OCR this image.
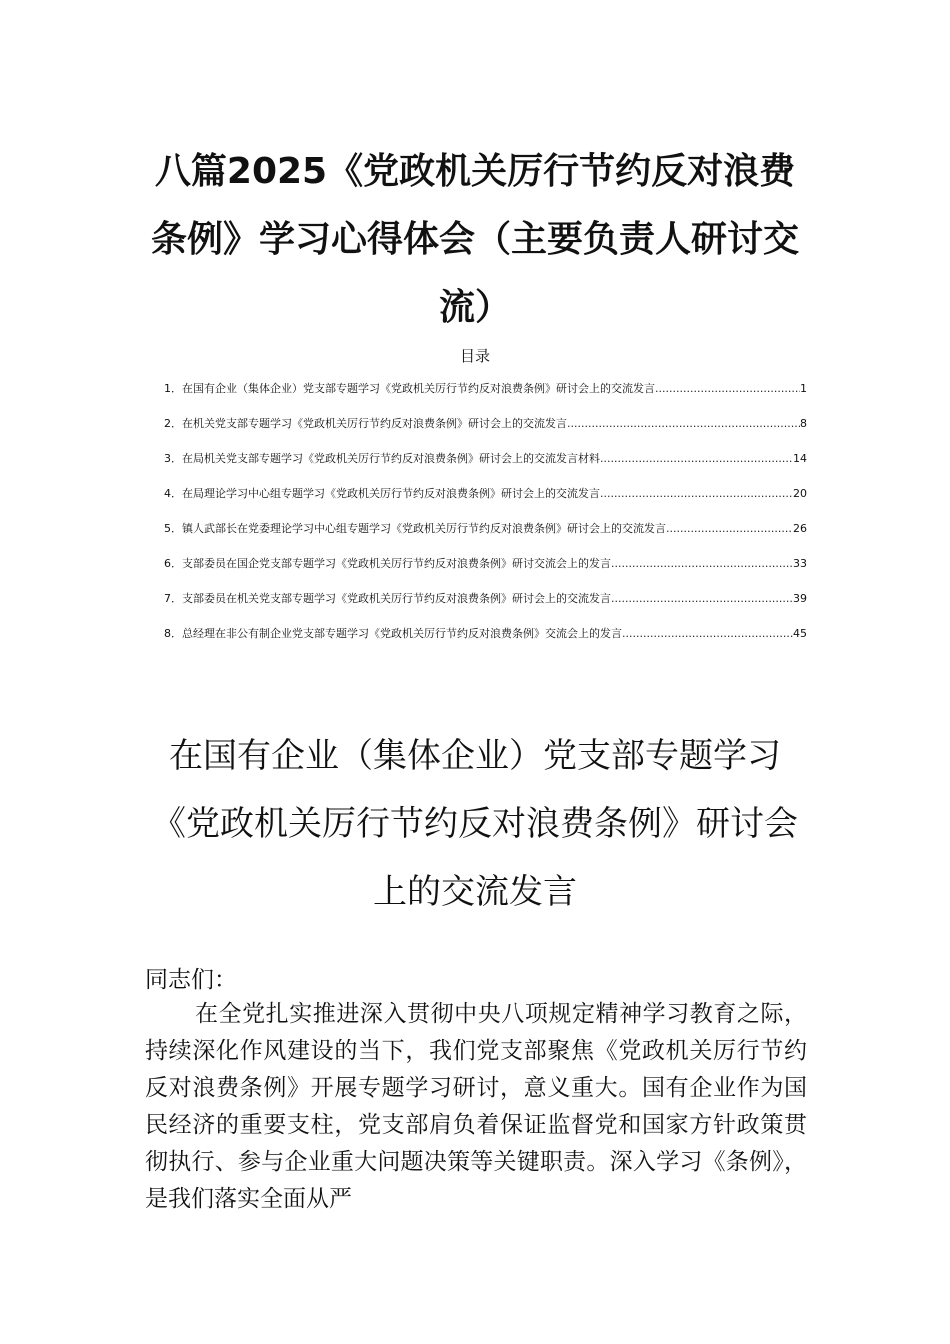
八篇2025《党政机关厉行节约反对浪费条例》学习心得体会（主要负责人研讨交流）
目录
1． 在国有企业（集体企业）党支部专题学习《党政机关厉行节约反对浪费条例》研讨会上的交流发言 .....	1
2． 在机关党支部专题学习《党政机关厉行节约反对浪费条例》研讨会上的交流发言 .....	8
3． 在局机关党支部专题学习《党政机关厉行节约反对浪费条例》研讨会上的交流发言材料 .....	14
4． 在局理论学习中心组专题学习《党政机关厉行节约反对浪费条例》研讨会上的交流发言 .....	20
5． 镇人武部长在党委理论学习中心组专题学习《党政机关厉行节约反对浪费条例》研讨会上的交流发言 .....	26
6． 支部委员在国企党支部专题学习《党政机关厉行节约反对浪费条例》研讨交流会上的发言 .....	33
7． 支部委员在机关党支部专题学习《党政机关厉行节约反对浪费条例》研讨会上的交流发言 .....	39
8． 总经理在非公有制企业党支部专题学习《党政机关厉行节约反对浪费条例》交流会上的发言 .....	45
在国有企业（集体企业）党支部专题学习《党政机关厉行节约反对浪费条例》研讨会上的交流发言
同志们：

在全党扎实推进深入贯彻中央八项规定精神学习教育之际，持续深化作风建设的当下，我们党支部聚焦《党政机关厉行节约反对浪费条例》开展专题学习研讨，意义重大。国有企业作为国民经济的重要支柱，党支部肩负着保证监督党和国家方针政策贯彻执行、参与企业重大问题决策等关键职责。深入学习《条例》，是我们落实全面从严
